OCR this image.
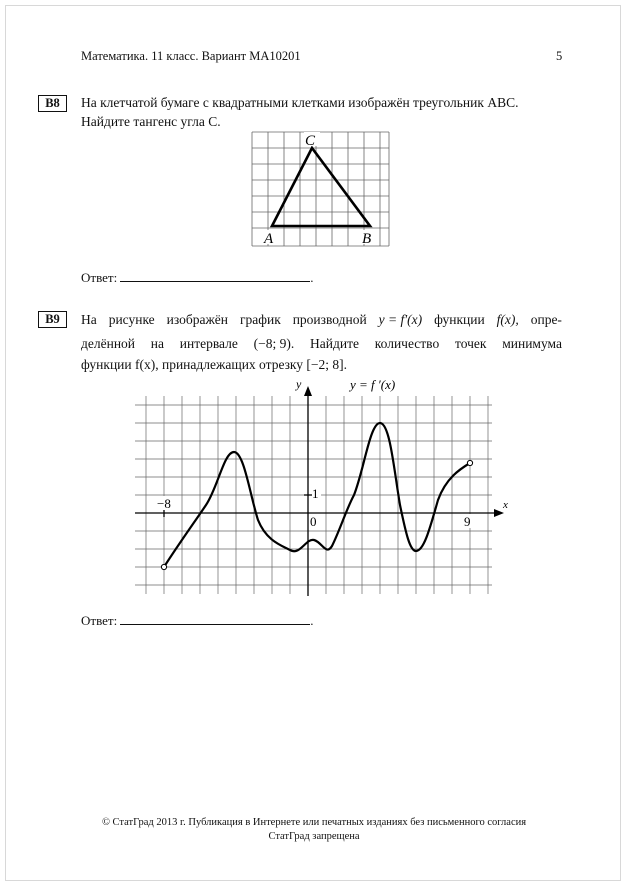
Математика. 11 класс. Вариант МА10201	5
B8	На клетчатой бумаге с квадратными клетками изображён треугольник ABC.
Найдите тангенс угла C.
A	B
C
Ответ:	.
B9	На рисунке изображён график производной y = f′(x) функции f(x), опре-
делённой на интервале (−8; 9). Найдите количество точек минимума
функции f(x), принадлежащих отрезку [−2; 8].
−8
0
1
9
x
y	y = f ′(x)
Ответ:	.
© СтатГрад 2013 г. Публикация в Интернете или печатных изданиях без письменного согласия
СтатГрад запрещена
